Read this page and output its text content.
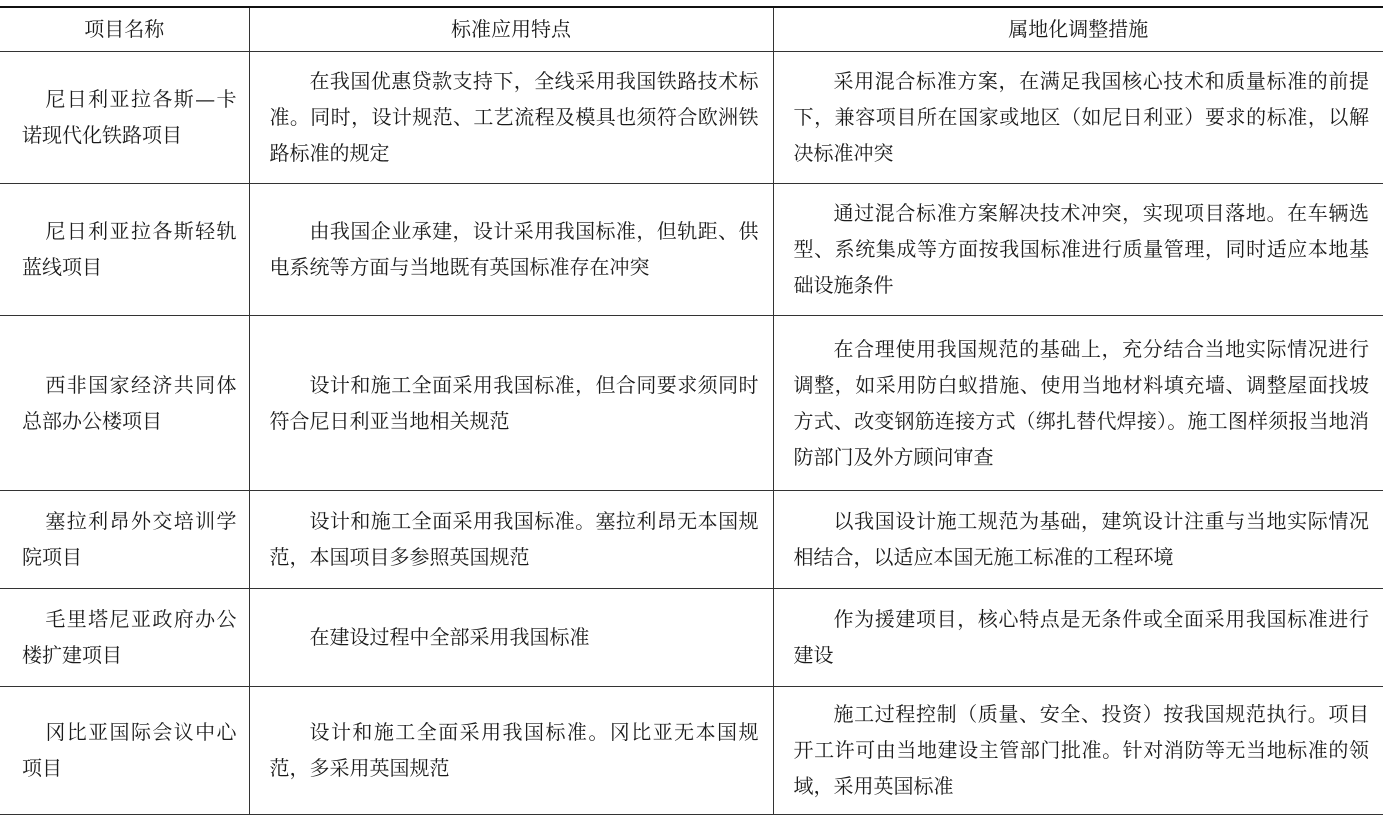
项目名称	标准应用特点	属地化调整措施
尼日利亚拉各斯—卡诺现代化铁路项目	在我国优惠贷款支持下，全线采用我国铁路技术标准。同时，设计规范、工艺流程及模具也须符合欧洲铁路标准的规定	采用混合标准方案，在满足我国核心技术和质量标准的前提下，兼容项目所在国家或地区（如尼日利亚）要求的标准，以解决标准冲突
尼日利亚拉各斯轻轨蓝线项目	由我国企业承建，设计采用我国标准，但轨距、供电系统等方面与当地既有英国标准存在冲突	通过混合标准方案解决技术冲突，实现项目落地。在车辆选型、系统集成等方面按我国标准进行质量管理，同时适应本地基础设施条件
西非国家经济共同体总部办公楼项目	设计和施工全面采用我国标准，但合同要求须同时符合尼日利亚当地相关规范	在合理使用我国规范的基础上，充分结合当地实际情况进行调整，如采用防白蚁措施、使用当地材料填充墙、调整屋面找坡方式、改变钢筋连接方式（绑扎替代焊接）。施工图样须报当地消防部门及外方顾问审查
塞拉利昂外交培训学院项目	设计和施工全面采用我国标准。塞拉利昂无本国规范，本国项目多参照英国规范	以我国设计施工规范为基础，建筑设计注重与当地实际情况相结合，以适应本国无施工标准的工程环境
毛里塔尼亚政府办公楼扩建项目	在建设过程中全部采用我国标准	作为援建项目，核心特点是无条件或全面采用我国标准进行建设
冈比亚国际会议中心项目	设计和施工全面采用我国标准。冈比亚无本国规范，多采用英国规范	施工过程控制（质量、安全、投资）按我国规范执行。项目开工许可由当地建设主管部门批准。针对消防等无当地标准的领域，采用英国标准
